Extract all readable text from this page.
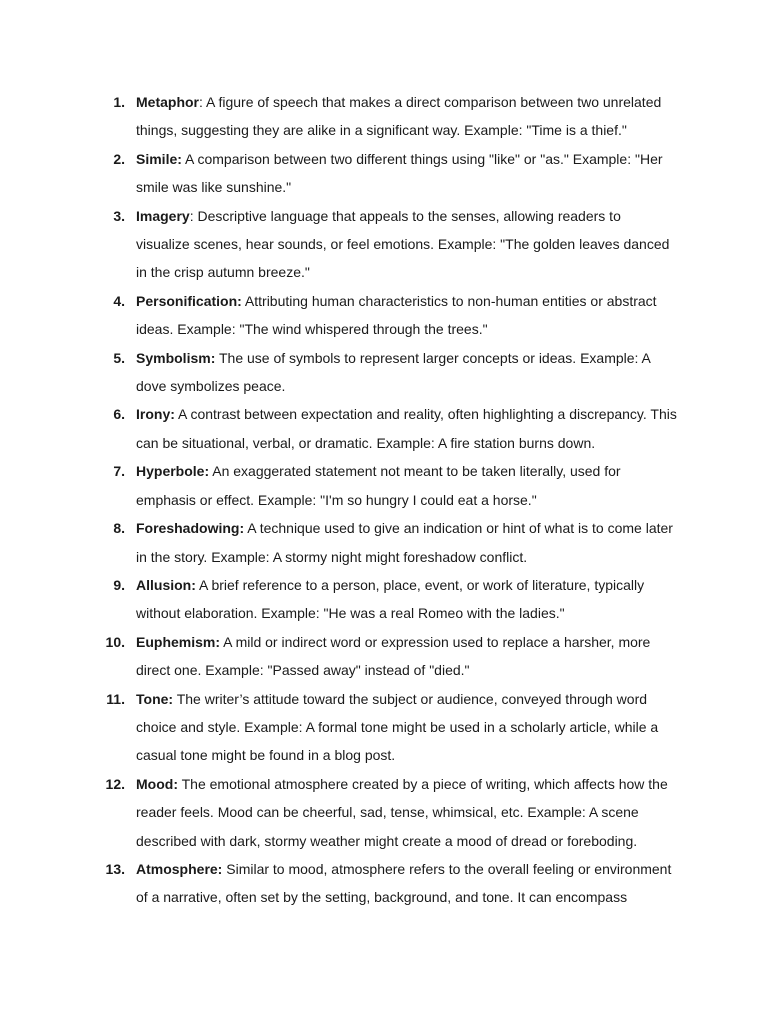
1. Metaphor: A figure of speech that makes a direct comparison between two unrelated things, suggesting they are alike in a significant way. Example: "Time is a thief."
2. Simile: A comparison between two different things using "like" or "as." Example: "Her smile was like sunshine."
3. Imagery: Descriptive language that appeals to the senses, allowing readers to visualize scenes, hear sounds, or feel emotions. Example: "The golden leaves danced in the crisp autumn breeze."
4. Personification: Attributing human characteristics to non-human entities or abstract ideas. Example: "The wind whispered through the trees."
5. Symbolism: The use of symbols to represent larger concepts or ideas. Example: A dove symbolizes peace.
6. Irony: A contrast between expectation and reality, often highlighting a discrepancy. This can be situational, verbal, or dramatic. Example: A fire station burns down.
7. Hyperbole: An exaggerated statement not meant to be taken literally, used for emphasis or effect. Example: "I'm so hungry I could eat a horse."
8. Foreshadowing: A technique used to give an indication or hint of what is to come later in the story. Example: A stormy night might foreshadow conflict.
9. Allusion: A brief reference to a person, place, event, or work of literature, typically without elaboration. Example: "He was a real Romeo with the ladies."
10. Euphemism: A mild or indirect word or expression used to replace a harsher, more direct one. Example: "Passed away" instead of "died."
11. Tone: The writer’s attitude toward the subject or audience, conveyed through word choice and style. Example: A formal tone might be used in a scholarly article, while a casual tone might be found in a blog post.
12. Mood: The emotional atmosphere created by a piece of writing, which affects how the reader feels. Mood can be cheerful, sad, tense, whimsical, etc. Example: A scene described with dark, stormy weather might create a mood of dread or foreboding.
13. Atmosphere: Similar to mood, atmosphere refers to the overall feeling or environment of a narrative, often set by the setting, background, and tone. It can encompass
